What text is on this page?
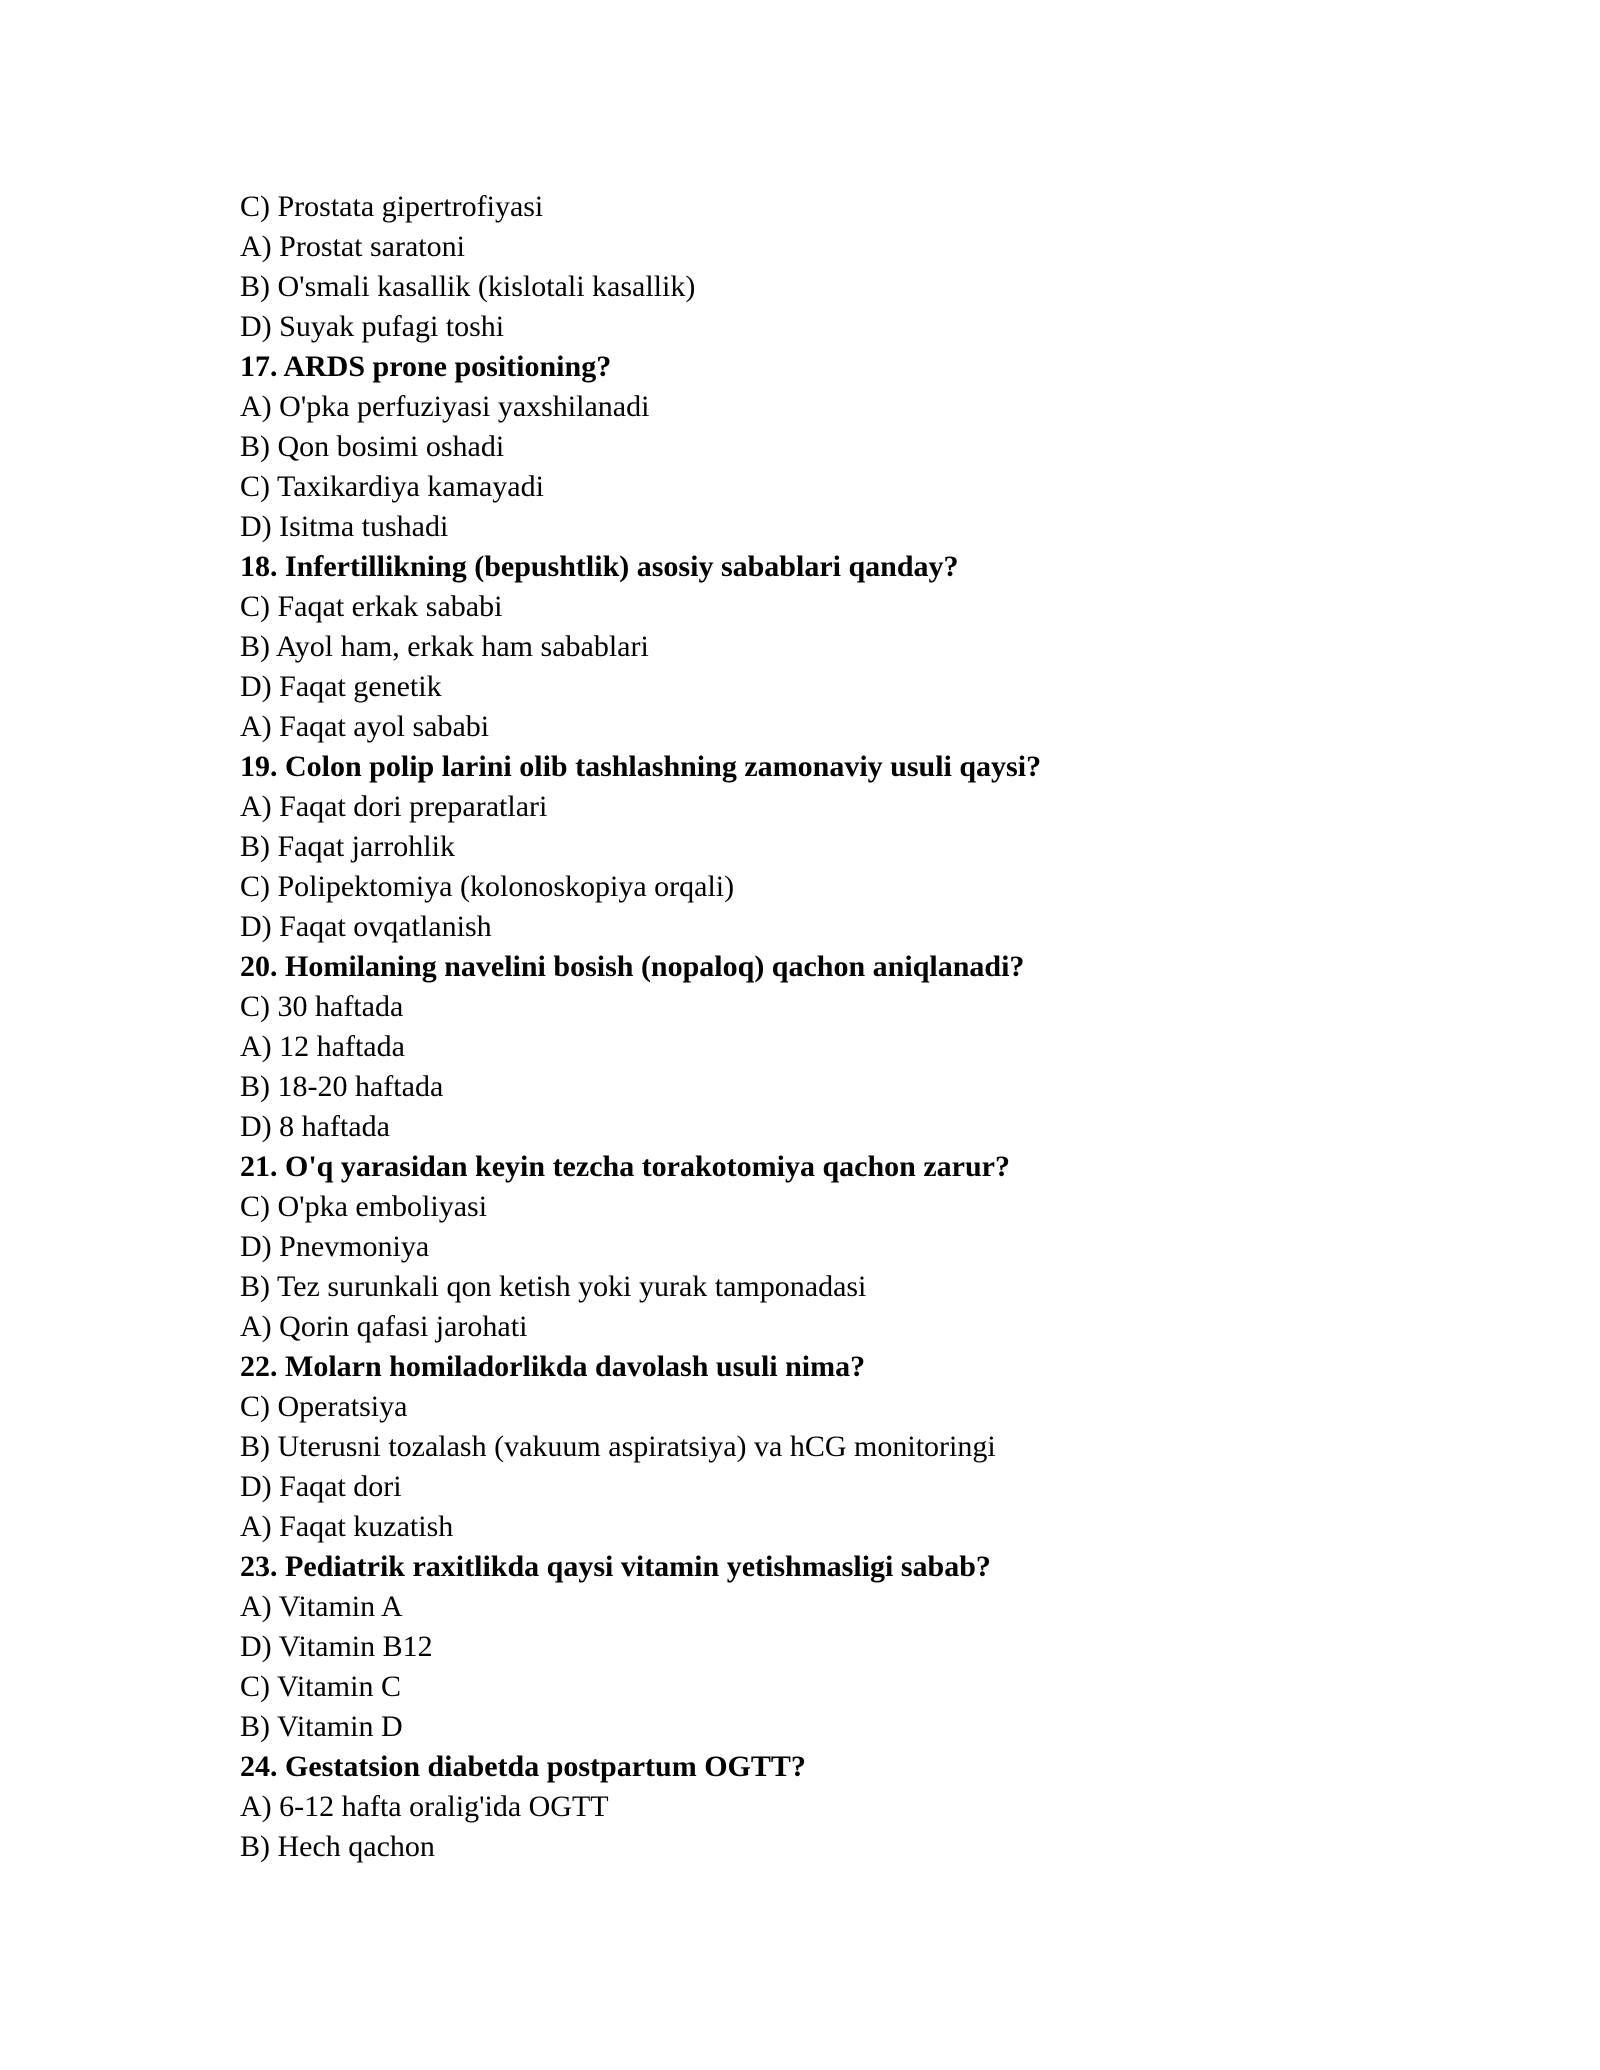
C) Prostata gipertrofiyasi
A) Prostat saratoni
B) O'smali kasallik (kislotali kasallik)
D) Suyak pufagi toshi
17. ARDS prone positioning?
A) O'pka perfuziyasi yaxshilanadi
B) Qon bosimi oshadi
C) Taxikardiya kamayadi
D) Isitma tushadi
18. Infertillikning (bepushtlik) asosiy sabablari qanday?
C) Faqat erkak sababi
B) Ayol ham, erkak ham sabablari
D) Faqat genetik
A) Faqat ayol sababi
19. Colon polip larini olib tashlashning zamonaviy usuli qaysi?
A) Faqat dori preparatlari
B) Faqat jarrohlik
C) Polipektomiya (kolonoskopiya orqali)
D) Faqat ovqatlanish
20. Homilaning navelini bosish (nopaloq) qachon aniqlanadi?
C) 30 haftada
A) 12 haftada
B) 18-20 haftada
D) 8 haftada
21. O'q yarasidan keyin tezcha torakotomiya qachon zarur?
C) O'pka emboliyasi
D) Pnevmoniya
B) Tez surunkali qon ketish yoki yurak tamponadasi
A) Qorin qafasi jarohati
22. Molarn homiladorlikda davolash usuli nima?
C) Operatsiya
B) Uterusni tozalash (vakuum aspiratsiya) va hCG monitoringi
D) Faqat dori
A) Faqat kuzatish
23. Pediatrik raxitlikda qaysi vitamin yetishmasligi sabab?
A) Vitamin A
D) Vitamin B12
C) Vitamin C
B) Vitamin D
24. Gestatsion diabetda postpartum OGTT?
A) 6-12 hafta oralig'ida OGTT
B) Hech qachon
